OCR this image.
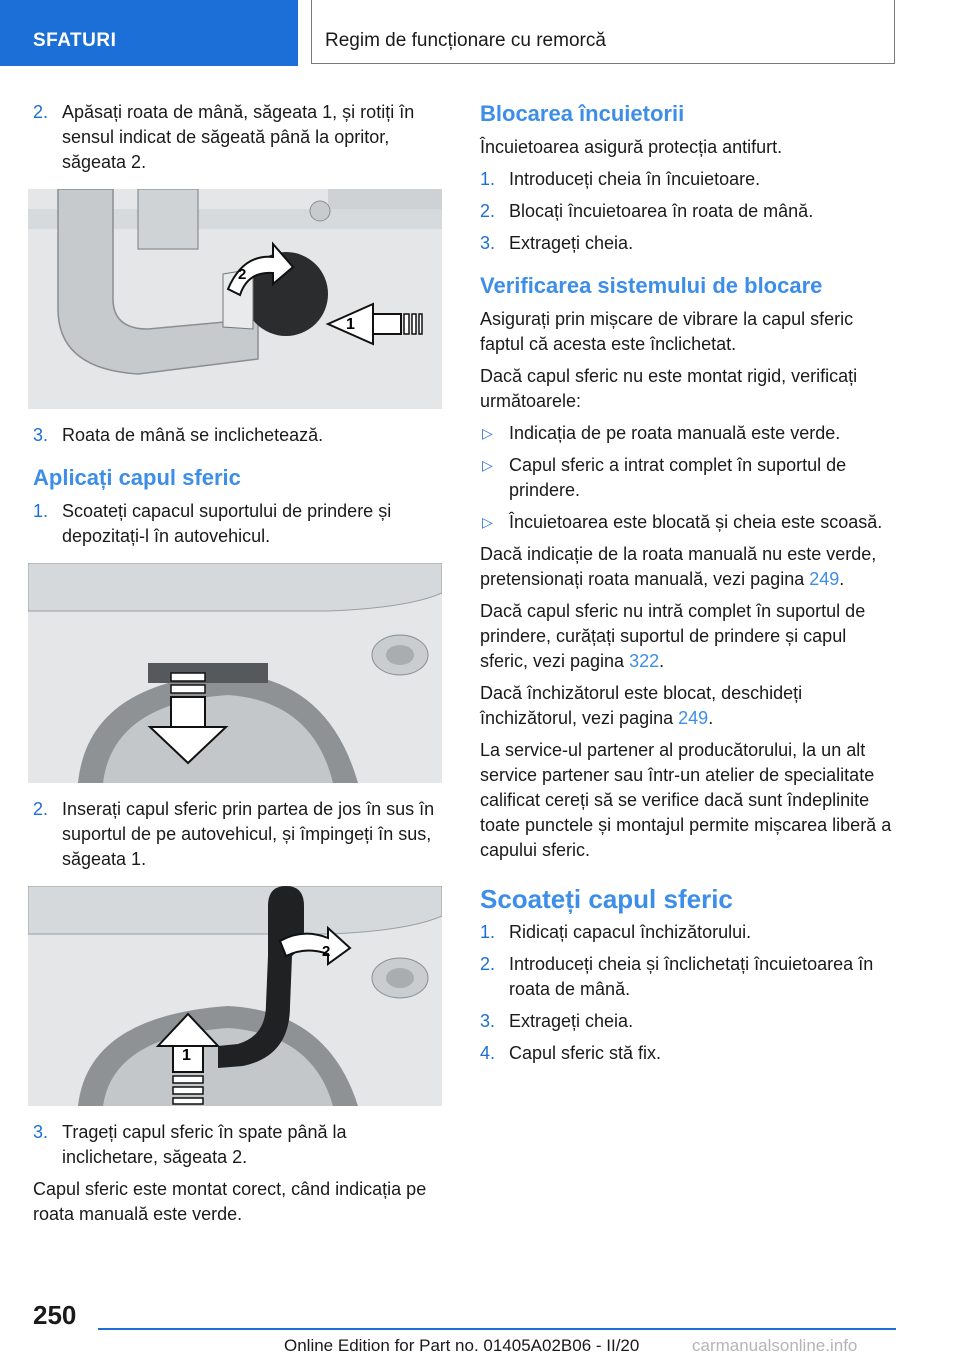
SFATURI	Regim de funcționare cu remorcă
2. Apăsați roata de mână, săgeata 1, și rotiți în sensul indicat de săgeată până la opritor, săgeata 2.
1
2
3. Roata de mână se inclichetează.
Aplicați capul sferic
1. Scoateți capacul suportului de prindere și depozitați-l în autovehicul.
2. Inserați capul sferic prin partea de jos în sus în suportul de pe autovehicul, și împingeți în sus, săgeata 1.
1
2
3. Trageți capul sferic în spate până la inclichetare, săgeata 2.

Capul sferic este montat corect, când indicația pe roata manuală este verde.

Blocarea încuietorii

Încuietoarea asigură protecția antifurt.

1. Introduceți cheia în încuietoare.
2. Blocați încuietoarea în roata de mână.
3. Extrageți cheia.
Verificarea sistemului de blocare

Asigurați prin mișcare de vibrare la capul sferic faptul că acesta este înclichetat.

Dacă capul sferic nu este montat rigid, verificați următoarele:

▷ Indicația de pe roata manuală este verde.
▷ Capul sferic a intrat complet în suportul de prindere.
▷ Încuietoarea este blocată și cheia este scoasă.

Dacă indicație de la roata manuală nu este verde, pretensionați roata manuală, vezi pagina 249.

Dacă capul sferic nu intră complet în suportul de prindere, curățați suportul de prindere și capul sferic, vezi pagina 322.

Dacă închizătorul este blocat, deschideți închizătorul, vezi pagina 249.

La service-ul partener al producătorului, la un alt service partener sau într-un atelier de specialitate calificat cereți să se verifice dacă sunt îndeplinite toate punctele și montajul permite mișcarea liberă a capului sferic.

Scoateți capul sferic
1. Ridicați capacul închizătorului.
2. Introduceți cheia și înclichetați încuietoarea în roata de mână.
3. Extrageți cheia.
4. Capul sferic stă fix.
250
Online Edition for Part no. 01405A02B06 - II/20	carmanualsonline.info
